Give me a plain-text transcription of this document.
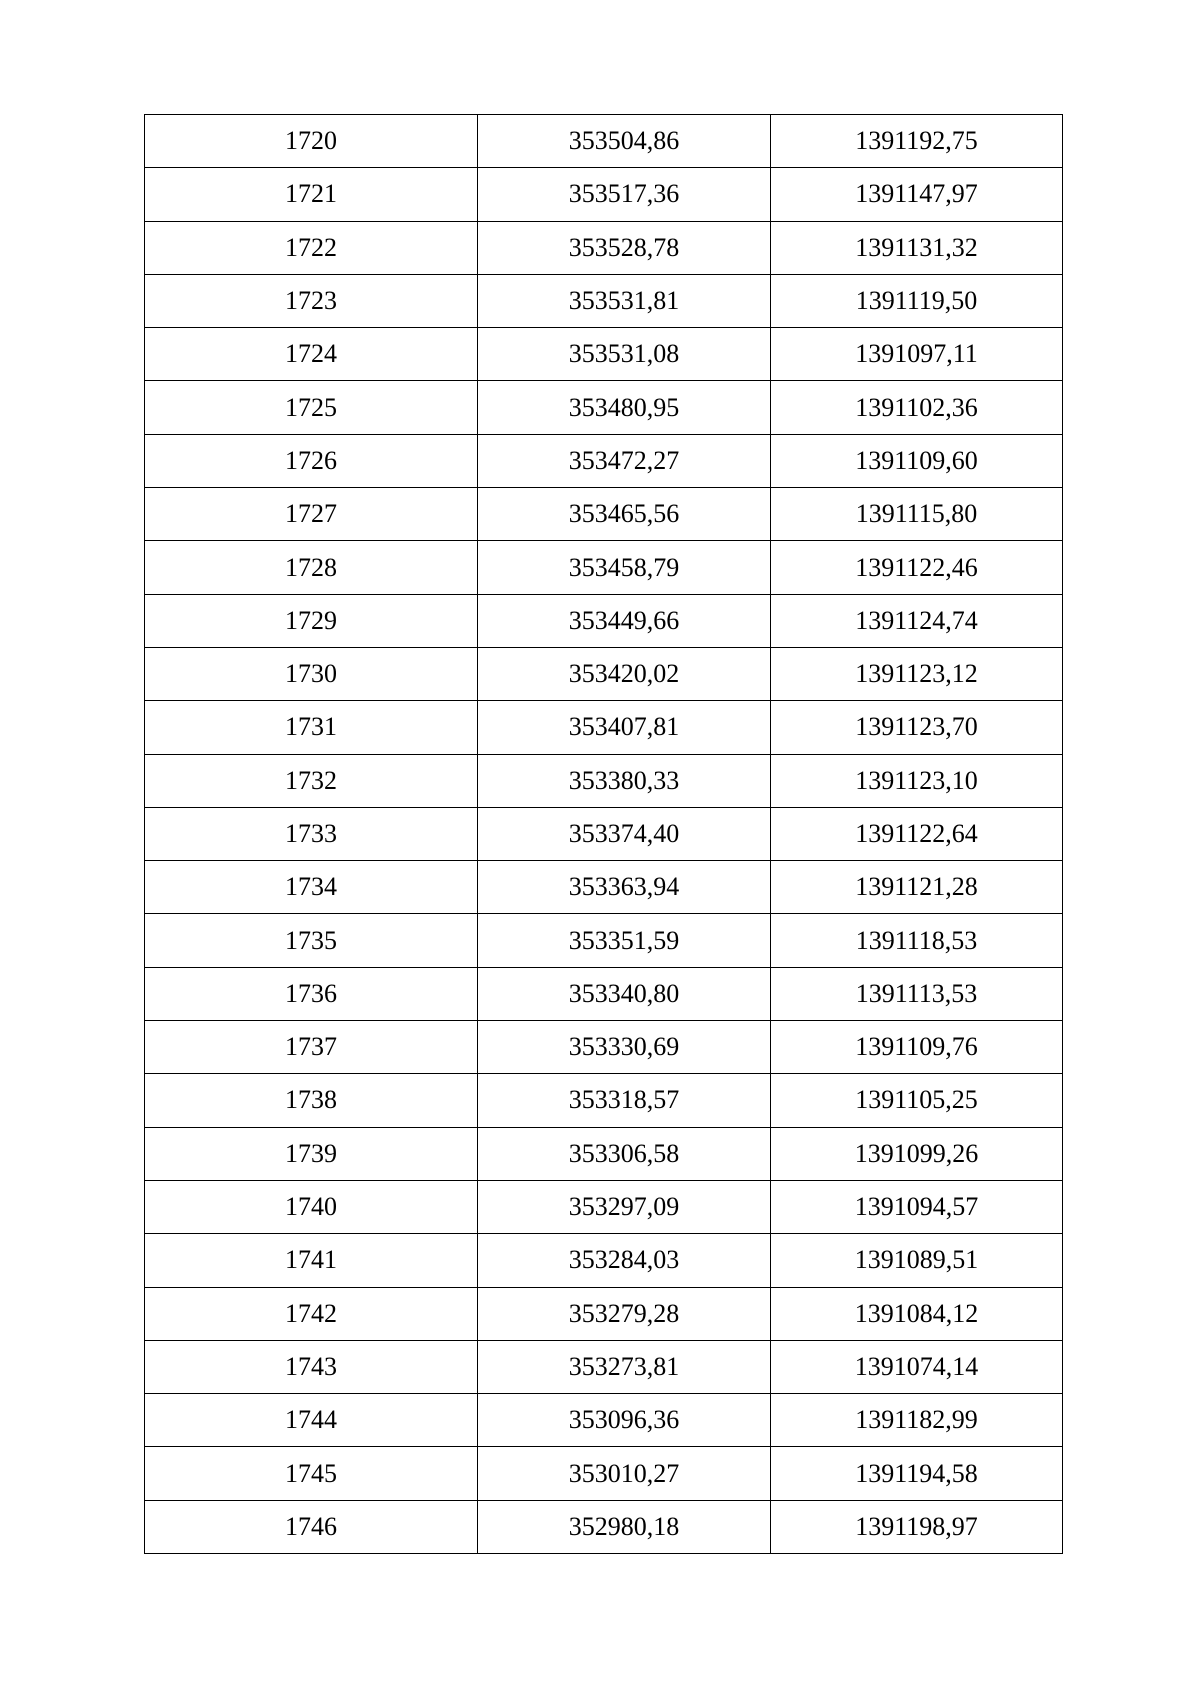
1720	353504,86	1391192,75
1721	353517,36	1391147,97
1722	353528,78	1391131,32
1723	353531,81	1391119,50
1724	353531,08	1391097,11
1725	353480,95	1391102,36
1726	353472,27	1391109,60
1727	353465,56	1391115,80
1728	353458,79	1391122,46
1729	353449,66	1391124,74
1730	353420,02	1391123,12
1731	353407,81	1391123,70
1732	353380,33	1391123,10
1733	353374,40	1391122,64
1734	353363,94	1391121,28
1735	353351,59	1391118,53
1736	353340,80	1391113,53
1737	353330,69	1391109,76
1738	353318,57	1391105,25
1739	353306,58	1391099,26
1740	353297,09	1391094,57
1741	353284,03	1391089,51
1742	353279,28	1391084,12
1743	353273,81	1391074,14
1744	353096,36	1391182,99
1745	353010,27	1391194,58
1746	352980,18	1391198,97
